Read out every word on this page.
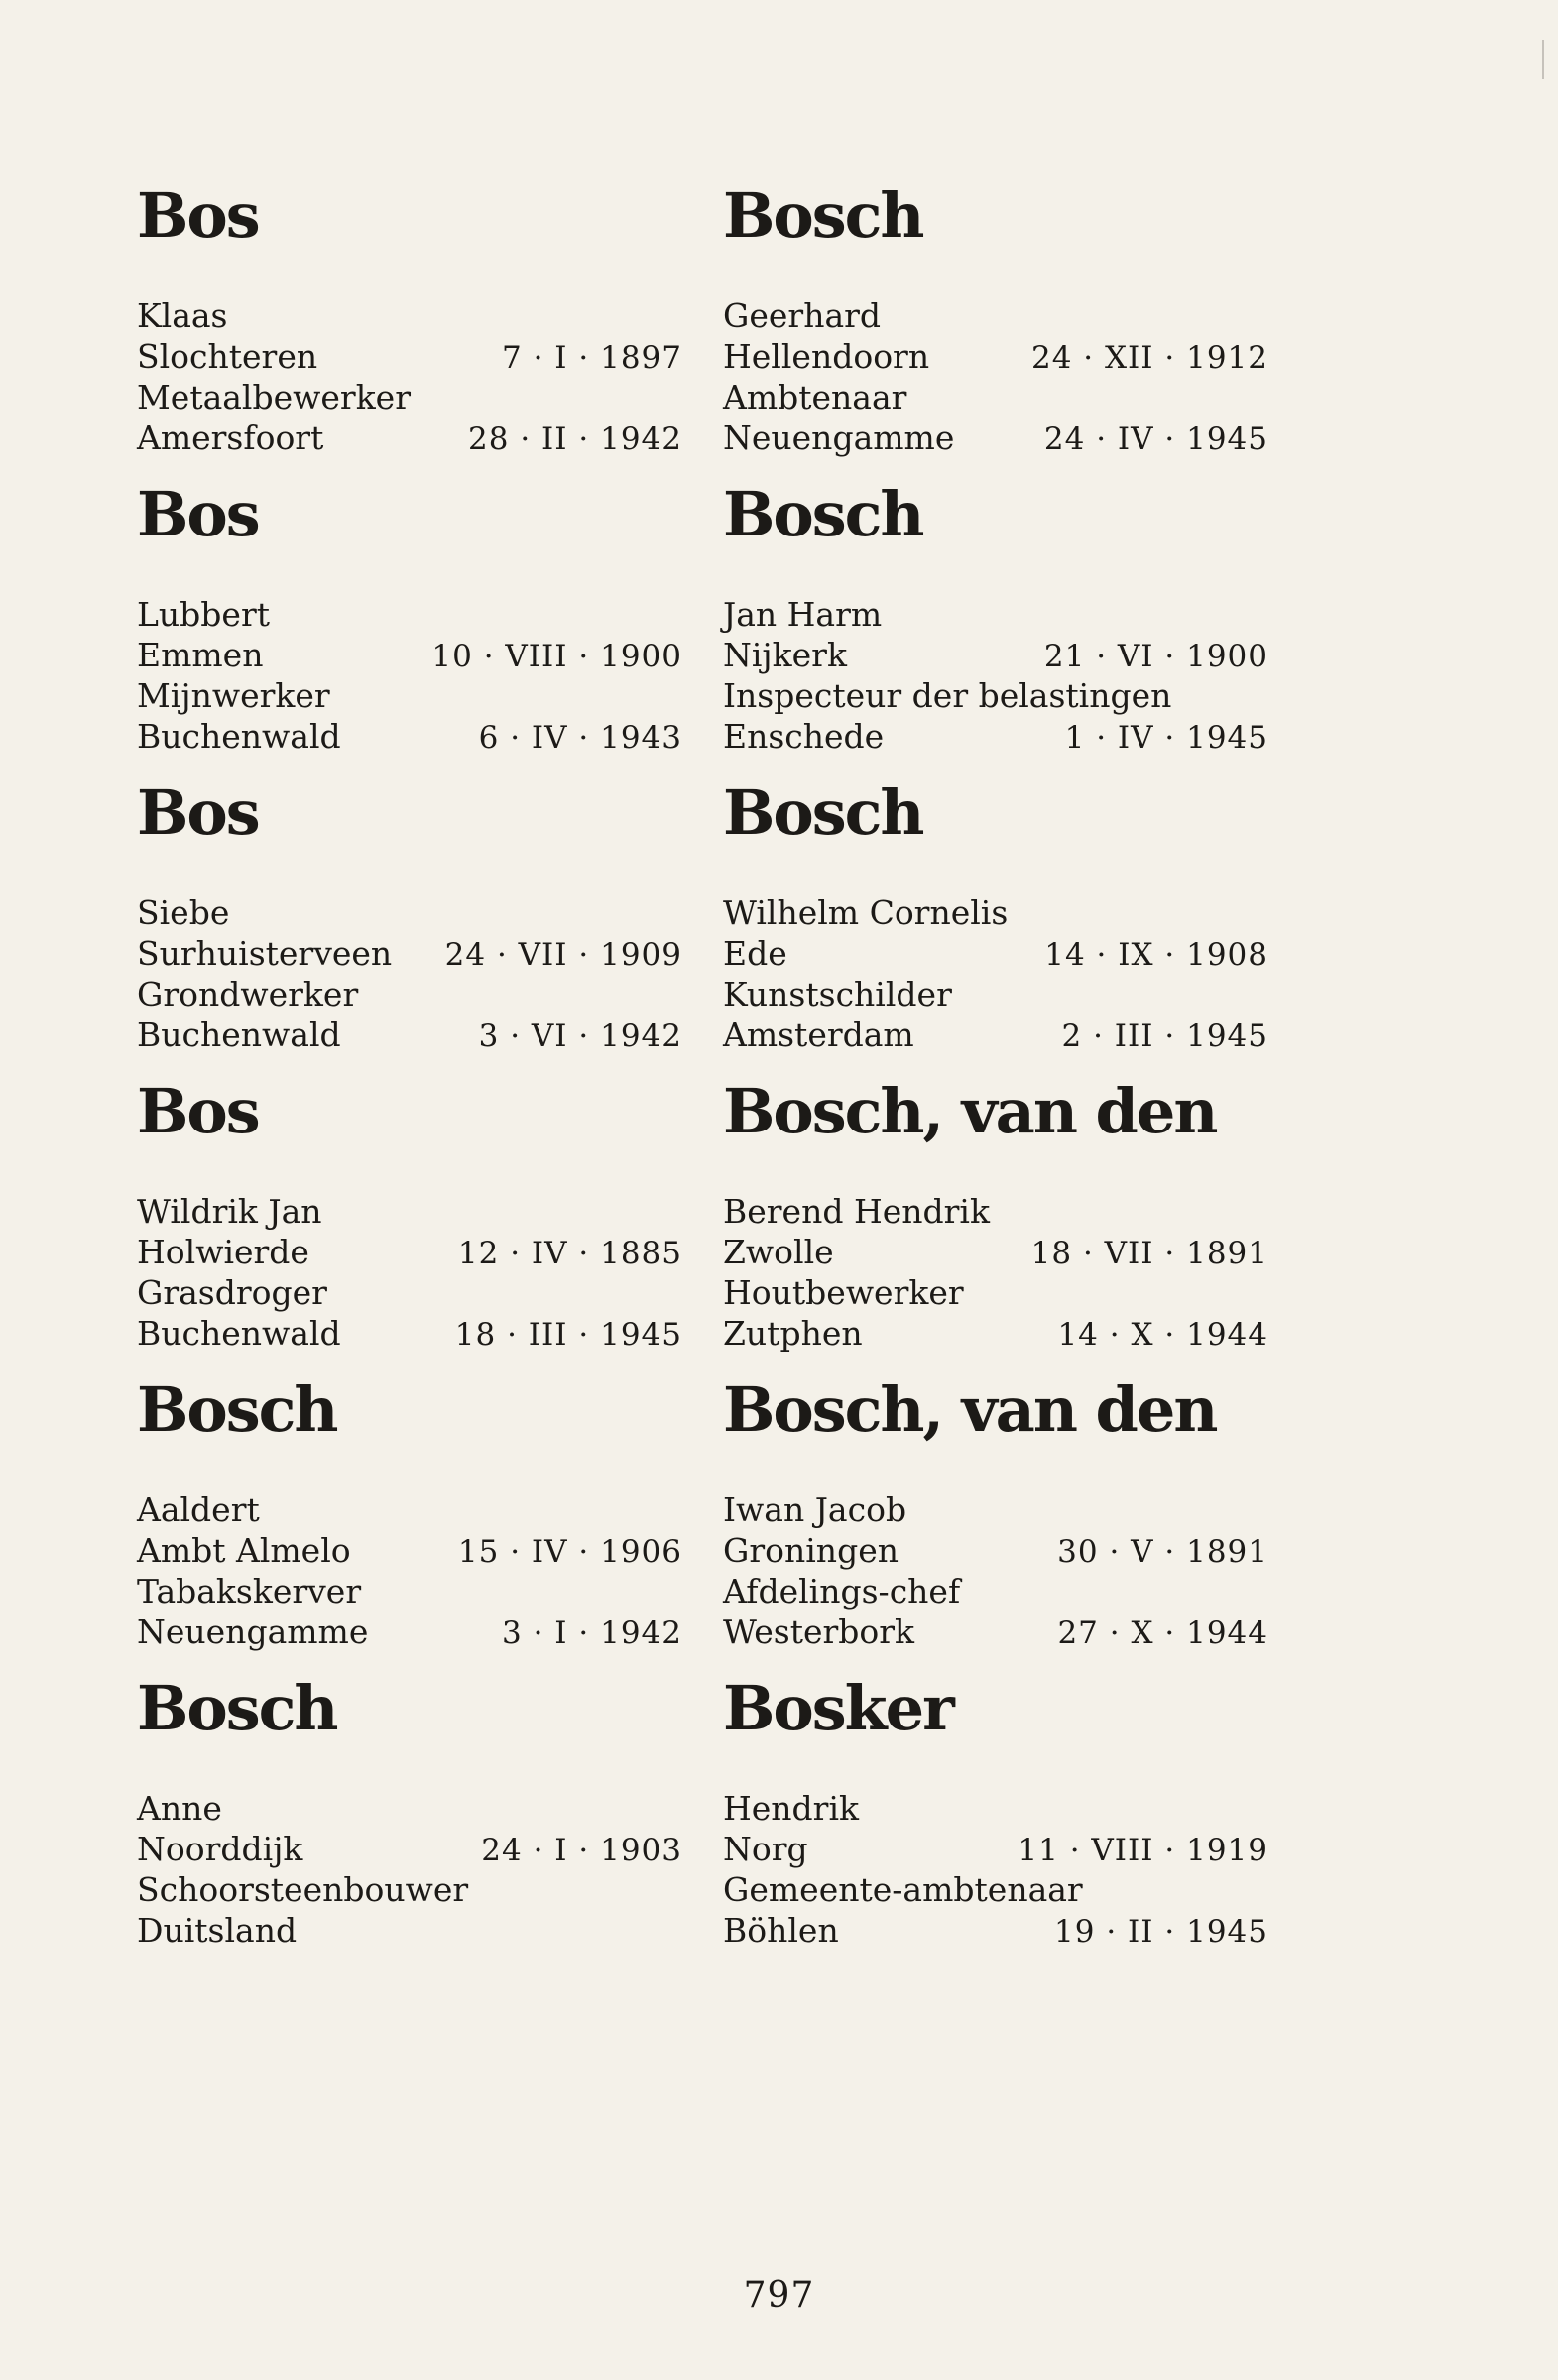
Bos
Klaas
Slochteren	7 · I · 1897
Metaalbewerker
Amersfoort	28 · II · 1942
Bos
Lubbert
Emmen	10 · VIII · 1900
Mijnwerker
Buchenwald	6 · IV · 1943
Bos
Siebe
Surhuisterveen 24 · VII · 1909
Grondwerker
Buchenwald	3 · VI · 1942
Bos
Wildrik Jan
Holwierde	12 · IV · 1885
Grasdroger
Buchenwald	18 · III · 1945
Bosch
Aaldert
Ambt Almelo	15 · IV · 1906
Tabakskerver
Neuengamme	3 · I · 1942
Bosch
Anne
Noorddijk	24 · I · 1903
Schoorsteenbouwer
Duitsland
Bosch
Geerhard
Hellendoorn	24 · XII · 1912
Ambtenaar
Neuengamme	24 · IV · 1945
Bosch
Jan Harm
Nijkerk	21 · VI · 1900
Inspecteur der belastingen
Enschede	1 · IV · 1945
Bosch
Wilhelm Cornelis
Ede	14 · IX · 1908
Kunstschilder
Amsterdam	2 · III · 1945
Bosch, van den
Berend Hendrik
Zwolle	18 · VII · 1891
Houtbewerker
Zutphen	14 · X · 1944
Bosch, van den
Iwan Jacob
Groningen	30 · V · 1891
Afdelings-chef
Westerbork	27 · X · 1944
Bosker
Hendrik
Norg	11 · VIII · 1919
Gemeente-ambtenaar
Böhlen	19 · II · 1945
797
